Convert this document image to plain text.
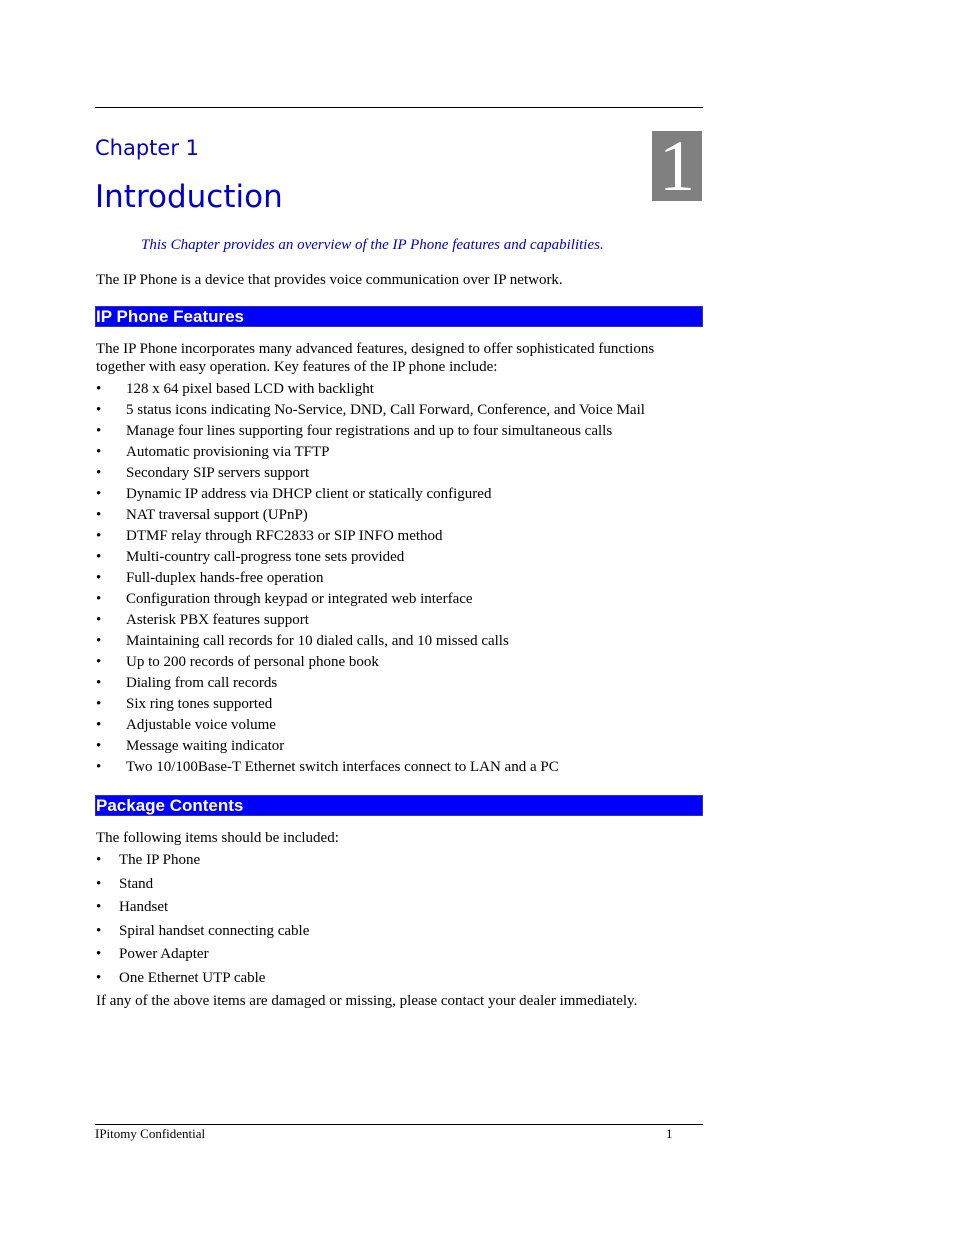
Chapter 1
Introduction	1
This Chapter provides an overview of the IP Phone features and capabilities.
The IP Phone is a device that provides voice communication over IP network.
IP Phone Features
The IP Phone incorporates many advanced features, designed to offer sophisticated functions
together with easy operation. Key features of the IP phone include:
• 128 x 64 pixel based LCD with backlight
• 5 status icons indicating No-Service, DND, Call Forward, Conference, and Voice Mail
• Manage four lines supporting four registrations and up to four simultaneous calls
• Automatic provisioning via TFTP
• Secondary SIP servers support
• Dynamic IP address via DHCP client or statically configured
• NAT traversal support (UPnP)
• DTMF relay through RFC2833 or SIP INFO method
• Multi-country call-progress tone sets provided
• Full-duplex hands-free operation
• Configuration through keypad or integrated web interface
• Asterisk PBX features support
• Maintaining call records for 10 dialed calls, and 10 missed calls
• Up to 200 records of personal phone book
• Dialing from call records
• Six ring tones supported
• Adjustable voice volume
• Message waiting indicator
• Two 10/100Base-T Ethernet switch interfaces connect to LAN and a PC
Package Contents
The following items should be included:
• The IP Phone
• Stand
• Handset
• Spiral handset connecting cable
• Power Adapter
• One Ethernet UTP cable
If any of the above items are damaged or missing, please contact your dealer immediately.
IPitomy Confidential	1
